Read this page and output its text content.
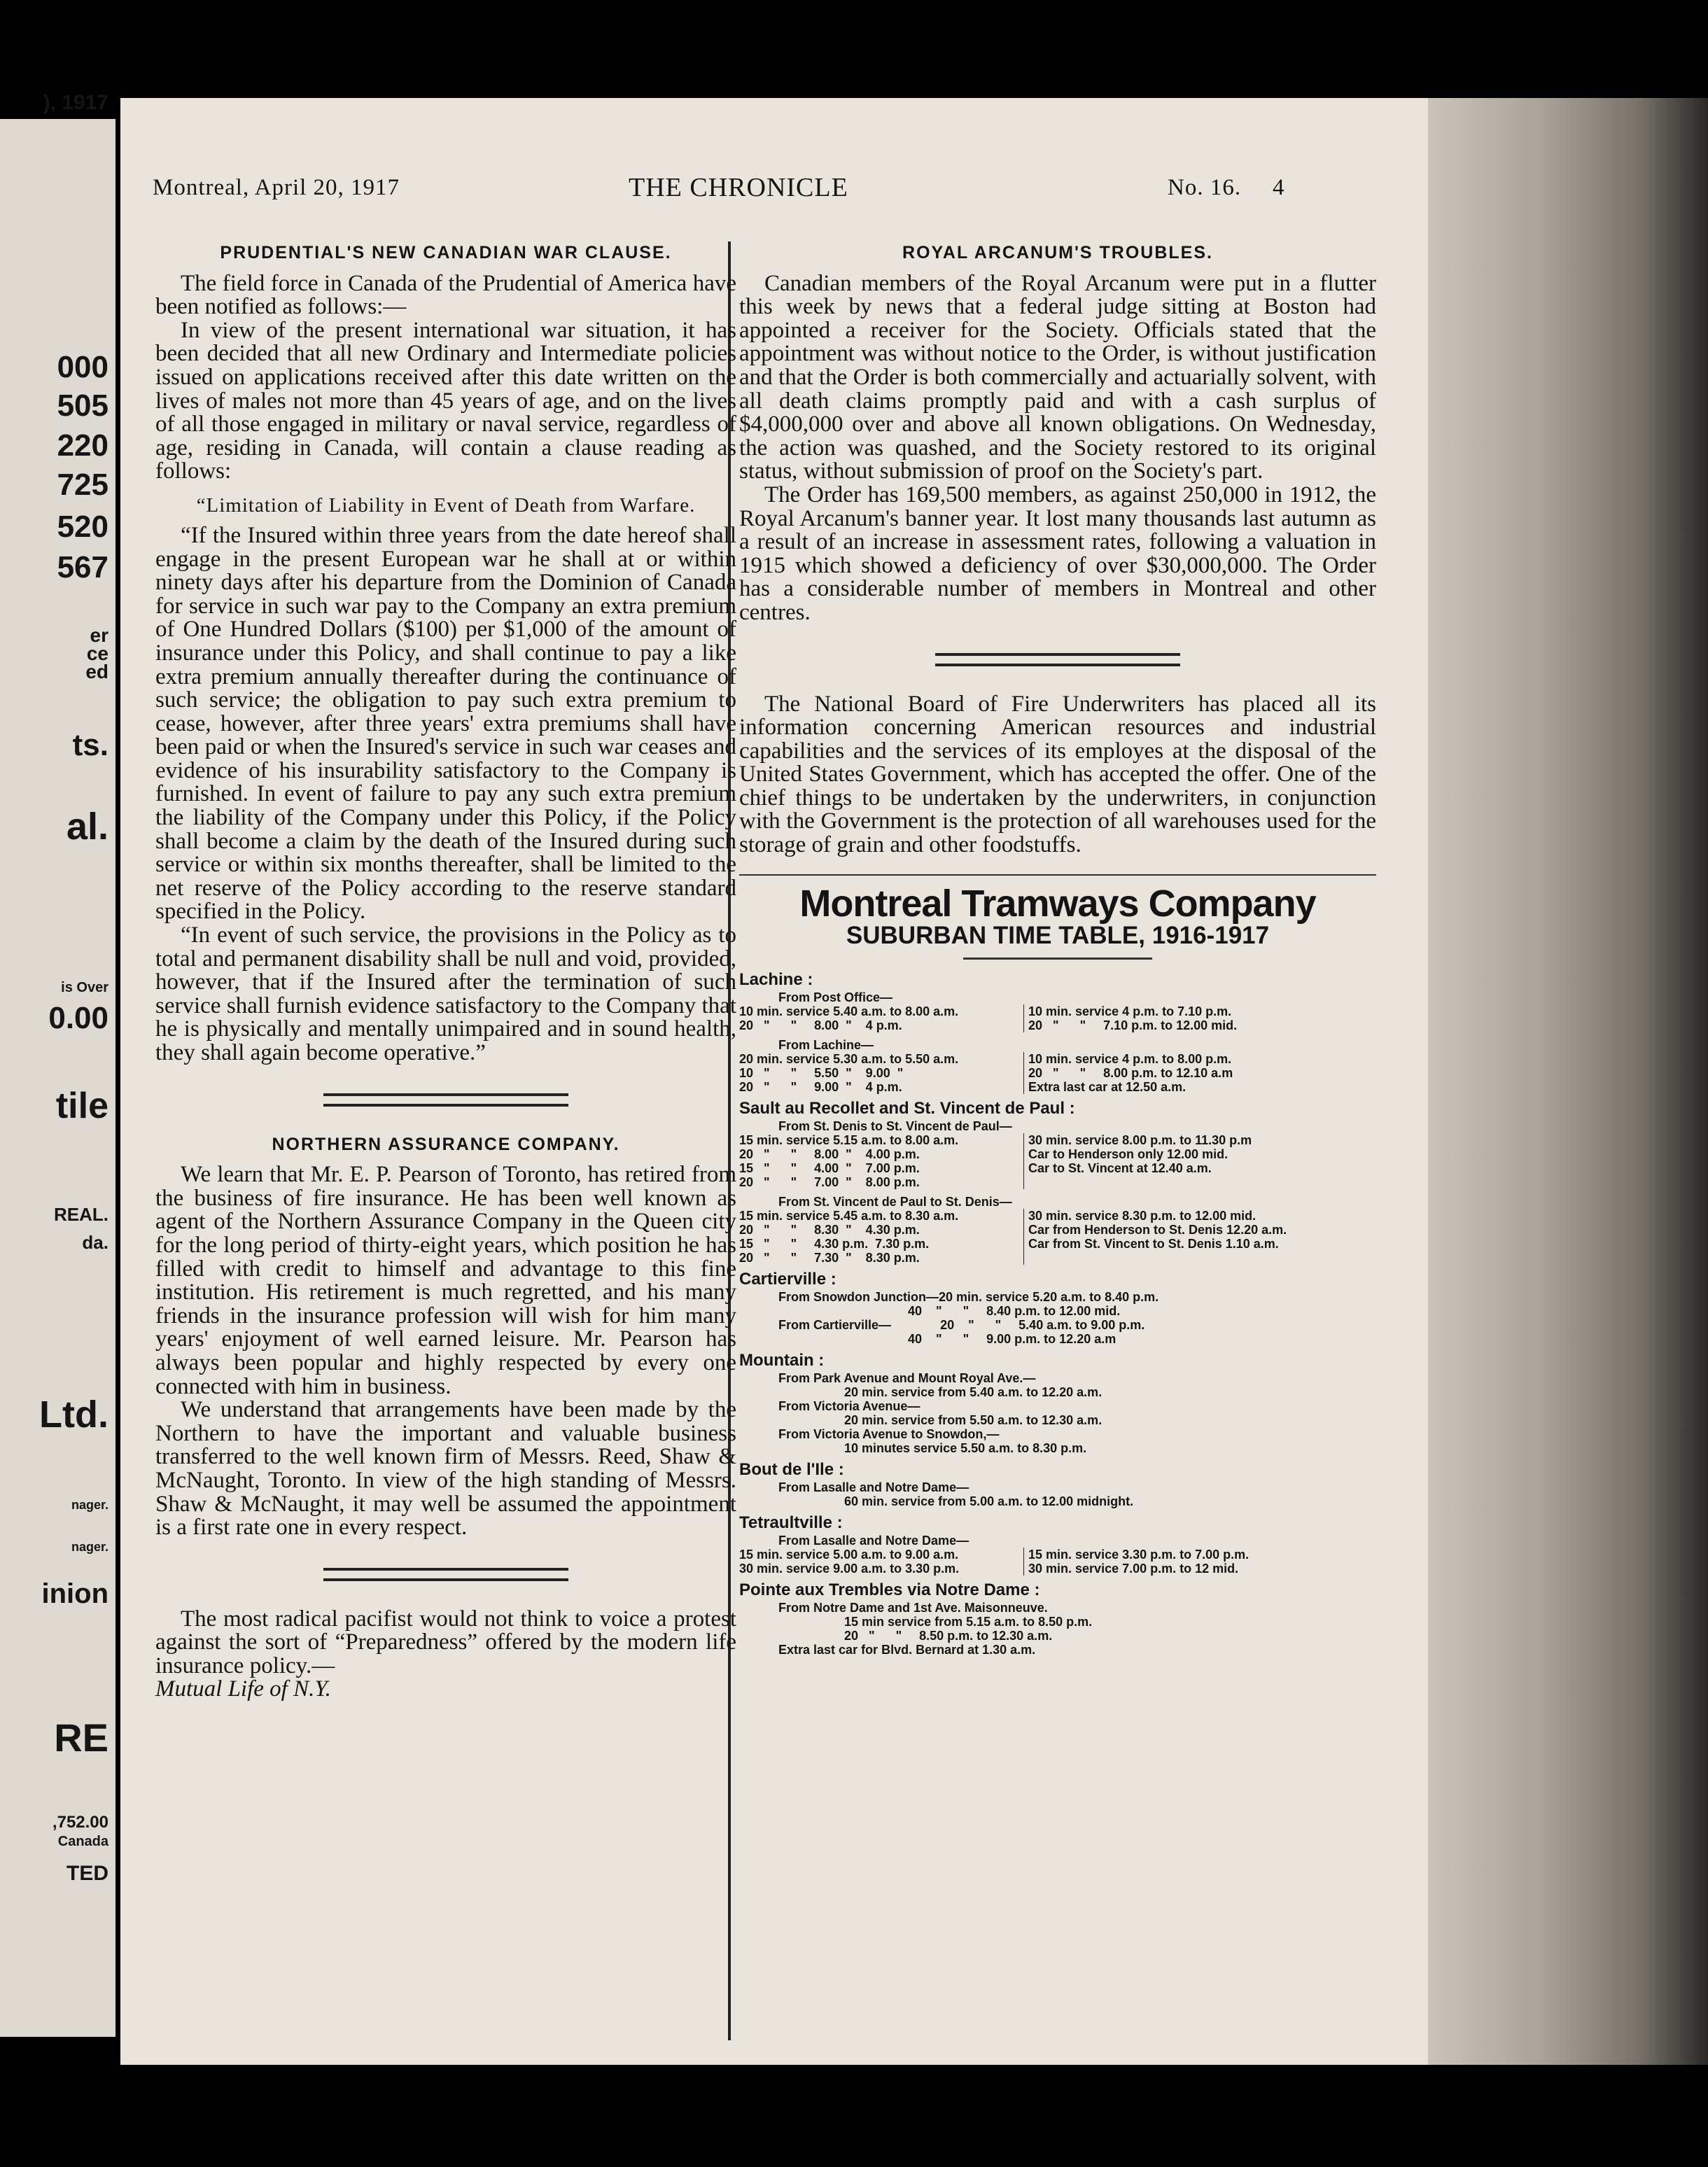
), 1917
000
505
220
725
520
567
er
ce
ed
ts.
al.
is Over
0.00
tile
REAL.
da.
Ltd.
nager.
nager.
inion
RE
,752.00
Canada
TED
Montreal, April 20, 1917	THE CHRONICLE	No. 16. 4
PRUDENTIAL'S NEW CANADIAN WAR CLAUSE.

The field force in Canada of the Prudential of America have been notified as follows:—

In view of the present international war situation, it has been decided that all new Ordinary and Intermediate policies issued on applications received after this date written on the lives of males not more than 45 years of age, and on the lives of all those engaged in military or naval service, regardless of age, residing in Canada, will contain a clause reading as follows:

“Limitation of Liability in Event of Death from Warfare.

“If the Insured within three years from the date hereof shall engage in the present European war he shall at or within ninety days after his departure from the Dominion of Canada for service in such war pay to the Company an extra premium of One Hundred Dollars ($100) per $1,000 of the amount of insurance under this Policy, and shall continue to pay a like extra premium annually thereafter during the continuance of such service; the obligation to pay such extra premium to cease, however, after three years' extra premiums shall have been paid or when the Insured's service in such war ceases and evidence of his insurability satisfactory to the Company is furnished. In event of failure to pay any such extra premium the liability of the Company under this Policy, if the Policy shall become a claim by the death of the Insured during such service or within six months thereafter, shall be limited to the net reserve of the Policy according to the reserve standard specified in the Policy.

“In event of such service, the provisions in the Policy as to total and permanent disability shall be null and void, provided, however, that if the Insured after the termination of such service shall furnish evidence satisfactory to the Company that he is physically and mentally unimpaired and in sound health, they shall again become operative.”

NORTHERN ASSURANCE COMPANY.

We learn that Mr. E. P. Pearson of Toronto, has retired from the business of fire insurance. He has been well known as agent of the Northern Assurance Company in the Queen city for the long period of thirty-eight years, which position he has filled with credit to himself and advantage to this fine institution. His retirement is much regretted, and his many friends in the insurance profession will wish for him many years' enjoyment of well earned leisure. Mr. Pearson has always been popular and highly respected by every one connected with him in business.

We understand that arrangements have been made by the Northern to have the important and valuable business transferred to the well known firm of Messrs. Reed, Shaw & McNaught, Toronto. In view of the high standing of Messrs. Shaw & McNaught, it may well be assumed the appointment is a first rate one in every respect.

The most radical pacifist would not think to voice a protest against the sort of “Preparedness” offered by the modern life insurance policy.—
Mutual Life of N.Y.

ROYAL ARCANUM'S TROUBLES.

Canadian members of the Royal Arcanum were put in a flutter this week by news that a federal judge sitting at Boston had appointed a receiver for the Society. Officials stated that the appointment was without notice to the Order, is without justification and that the Order is both commercially and actuarially solvent, with all death claims promptly paid and with a cash surplus of $4,000,000 over and above all known obligations. On Wednesday, the action was quashed, and the Society restored to its original status, without submission of proof on the Society's part.

The Order has 169,500 members, as against 250,000 in 1912, the Royal Arcanum's banner year. It lost many thousands last autumn as a result of an increase in assessment rates, following a valuation in 1915 which showed a deficiency of over $30,000,000. The Order has a considerable number of members in Montreal and other centres.

The National Board of Fire Underwriters has placed all its information concerning American resources and industrial capabilities and the services of its employes at the disposal of the United States Government, which has accepted the offer. One of the chief things to be undertaken by the underwriters, in conjunction with the Government is the protection of all warehouses used for the storage of grain and other foodstuffs.

Montreal Tramways Company
SUBURBAN TIME TABLE, 1916-1917
Lachine :
From Post Office—
10 min. service 5.40 a.m. to 8.00 a.m.
20   "      "     8.00  "    4 p.m.
10 min. service 4 p.m. to 7.10 p.m.
20   "      "     7.10 p.m. to 12.00 mid.
From Lachine—
20 min. service 5.30 a.m. to 5.50 a.m.
10   "      "     5.50  "    9.00  "
20   "      "     9.00  "    4 p.m.
10 min. service 4 p.m. to 8.00 p.m.
20   "      "     8.00 p.m. to 12.10 a.m
Extra last car at 12.50 a.m.
Sault au Recollet and St. Vincent de Paul :
From St. Denis to St. Vincent de Paul—
15 min. service 5.15 a.m. to 8.00 a.m.
20   "      "     8.00  "    4.00 p.m.
15   "      "     4.00  "    7.00 p.m.
20   "      "     7.00  "    8.00 p.m.
30 min. service 8.00 p.m. to 11.30 p.m
Car to Henderson only 12.00 mid.
Car to St. Vincent at 12.40 a.m.
From St. Vincent de Paul to St. Denis—
15 min. service 5.45 a.m. to 8.30 a.m.
20   "      "     8.30  "    4.30 p.m.
15   "      "     4.30 p.m.  7.30 p.m.
20   "      "     7.30  "    8.30 p.m.
30 min. service 8.30 p.m. to 12.00 mid.
Car from Henderson to St. Denis 12.20 a.m.
Car from St. Vincent to St. Denis 1.10 a.m.
Cartierville :
From Snowdon Junction—20 min. service 5.20 a.m. to 8.40 p.m.
40    "      "     8.40 p.m. to 12.00 mid.
From Cartierville—              20    "      "     5.40 a.m. to 9.00 p.m.
40    "      "     9.00 p.m. to 12.20 a.m
Mountain :
From Park Avenue and Mount Royal Ave.—
20 min. service from 5.40 a.m. to 12.20 a.m.
From Victoria Avenue—
20 min. service from 5.50 a.m. to 12.30 a.m.
From Victoria Avenue to Snowdon,—
10 minutes service 5.50 a.m. to 8.30 p.m.
Bout de l'Ile :
From Lasalle and Notre Dame—
60 min. service from 5.00 a.m. to 12.00 midnight.
Tetraultville :
From Lasalle and Notre Dame—
15 min. service 5.00 a.m. to 9.00 a.m.
30 min. service 9.00 a.m. to 3.30 p.m.
15 min. service 3.30 p.m. to 7.00 p.m.
30 min. service 7.00 p.m. to 12 mid.
Pointe aux Trembles via Notre Dame :
From Notre Dame and 1st Ave. Maisonneuve.
15 min service from 5.15 a.m. to 8.50 p.m.
20   "      "     8.50 p.m. to 12.30 a.m.
Extra last car for Blvd. Bernard at 1.30 a.m.
